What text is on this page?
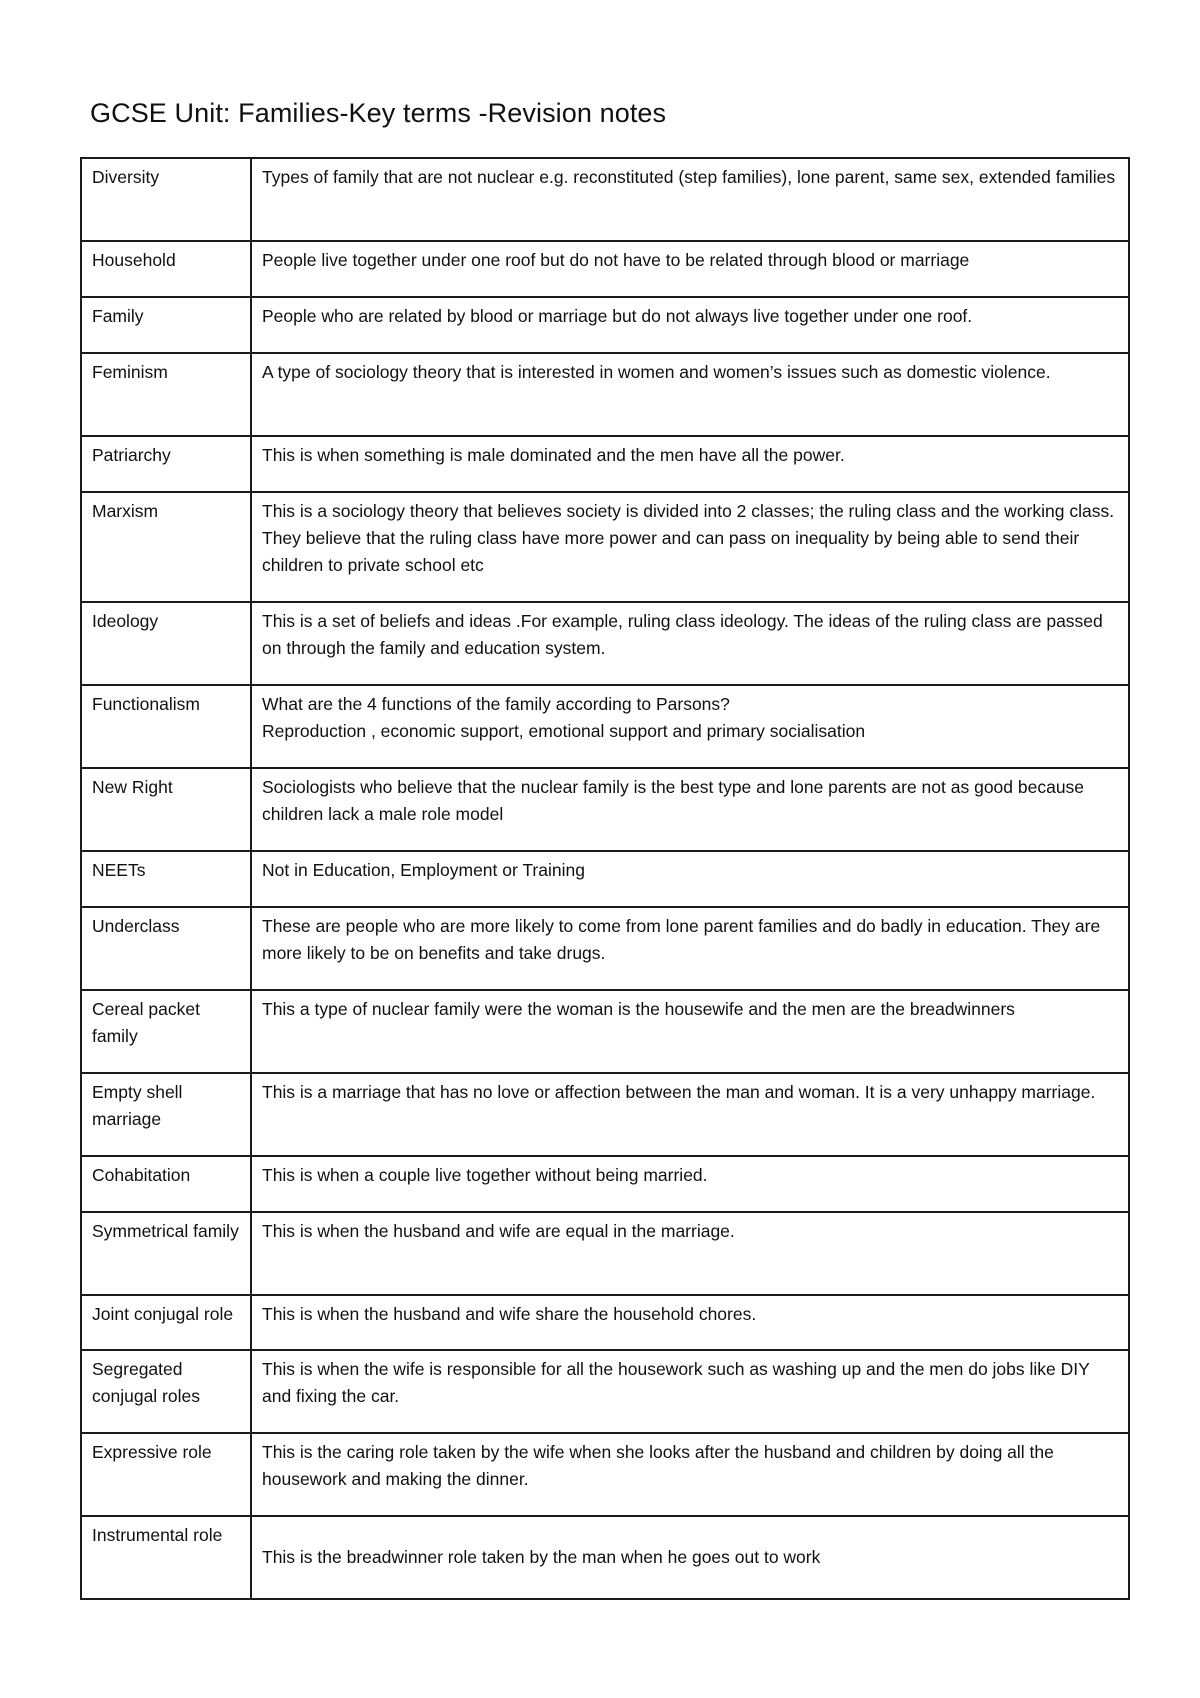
GCSE Unit: Families-Key terms -Revision notes
Diversity	Types of family that are not nuclear e.g. reconstituted (step families), lone parent, same sex, extended families
Household	People live together under one roof but do not have to be related through blood or marriage
Family	People who are related by blood or marriage but do not always live together under one roof.
Feminism	A type of sociology theory that is interested in women and women’s issues such as domestic violence.
Patriarchy	This is when something is male dominated and the men have all the power.
Marxism	This is a sociology theory that believes society is divided into 2 classes; the ruling class and the working class. They believe that the ruling class have more power and can pass on inequality by being able to send their children to private school etc
Ideology	This is a set of beliefs and ideas .For example, ruling class ideology. The ideas of the ruling class are passed on through the family and education system.
Functionalism	What are the 4 functions of the family according to Parsons?
Reproduction , economic support, emotional support and primary socialisation

New Right	Sociologists who believe that the nuclear family is the best type and lone parents are not as good because children lack a male role model
NEETs	Not in Education, Employment or Training
Underclass	These are people who are more likely to come from lone parent families and do badly in education. They are more likely to be on benefits and take drugs.
Cereal packet family	This a type of nuclear family were the woman is the housewife and the men are the breadwinners
Empty shell marriage	This is a marriage that has no love or affection between the man and woman. It is a very unhappy marriage.
Cohabitation	This is when a couple live together without being married.
Symmetrical family	This is when the husband and wife are equal in the marriage.
Joint conjugal role	This is when the husband and wife share the household chores.
Segregated conjugal roles	This is when the wife is responsible for all the housework such as washing up and the men do jobs like DIY and fixing the car.
Expressive role	This is the caring role taken by the wife when she looks after the husband and children by doing all the housework and making the dinner.
Instrumental role	This is the breadwinner role taken by the man when he goes out to work
